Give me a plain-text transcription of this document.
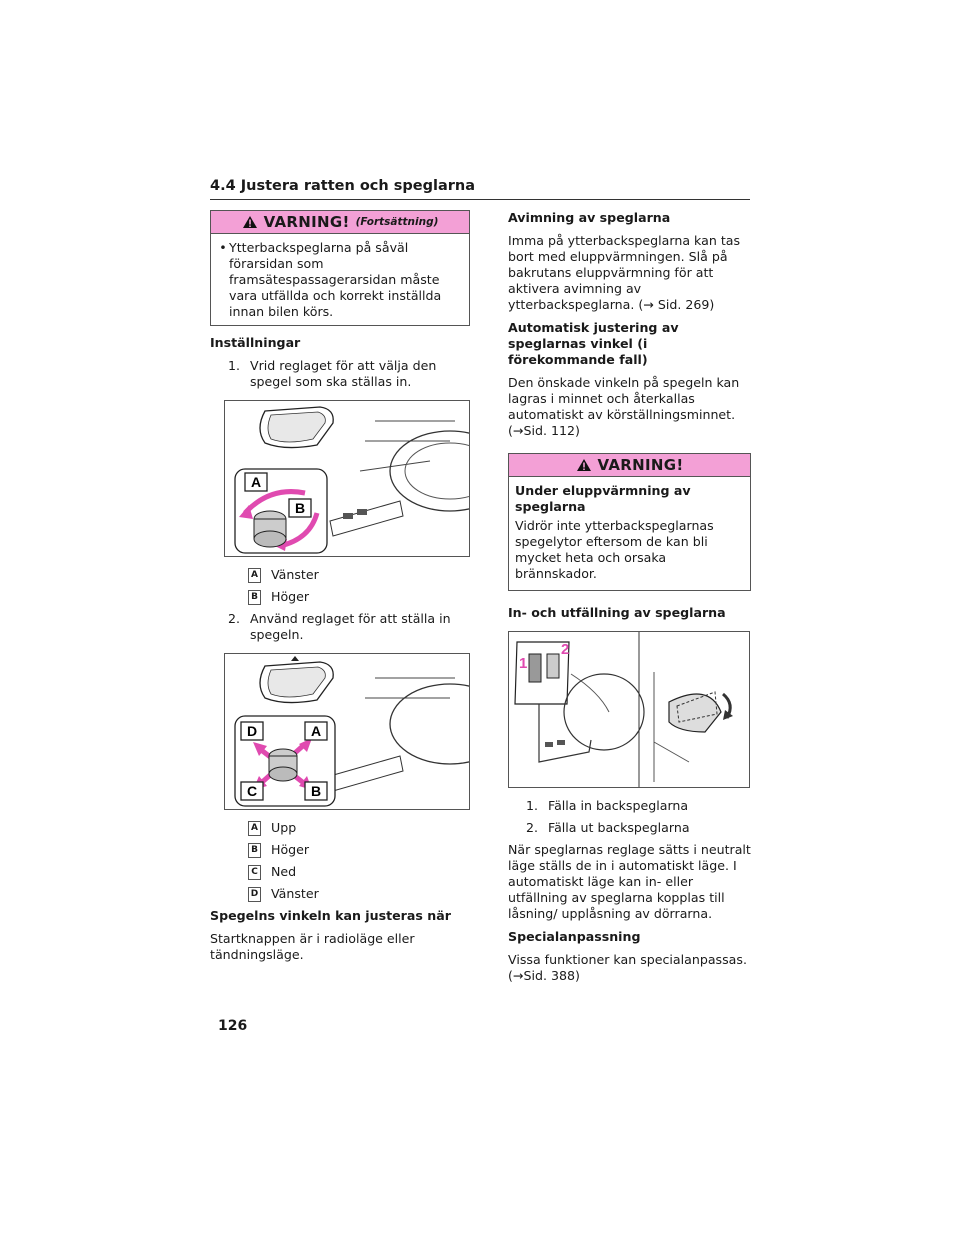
4.4 Justera ratten och speglarna
VARNING! (Fortsättning)
• Ytterbackspeglarna på såväl förarsidan som framsätespassagerarsidan måste vara utfällda och korrekt inställda innan bilen körs.

Inställningar

1. Vrid reglaget för att välja den spegel som ska ställas in.
A
B
A Vänster
B Höger
2. Använd reglaget för att ställa in spegeln.
D	A
C	B
A Upp
B Höger
C Ned
D Vänster

Spegelns vinkeln kan justeras när

Startknappen är i radioläge eller tändningsläge.

Avimning av speglarna

Imma på ytterbackspeglarna kan tas bort med eluppvärmningen. Slå på bakrutans eluppvärmning för att aktivera avimning av ytterbackspeglarna. (→ Sid. 269)

Automatisk justering av speglarnas vinkel (i förekommande fall)

Den önskade vinkeln på spegeln kan lagras i minnet och återkallas automatiskt av körställningsminnet. (→Sid. 112)

VARNING!

Under eluppvärmning av speglarna

Vidrör inte ytterbackspeglarnas spegelytor eftersom de kan bli mycket heta och orsaka brännskador.

In- och utfällning av speglarna

1
2
1. Fälla in backspeglarna
2. Fälla ut backspeglarna

När speglarnas reglage sätts i neutralt läge ställs de in i automatiskt läge. I automatiskt läge kan in- eller utfällning av speglarna kopplas till låsning/ upplåsning av dörrarna.

Specialanpassning

Vissa funktioner kan specialanpassas. (→Sid. 388)

126
